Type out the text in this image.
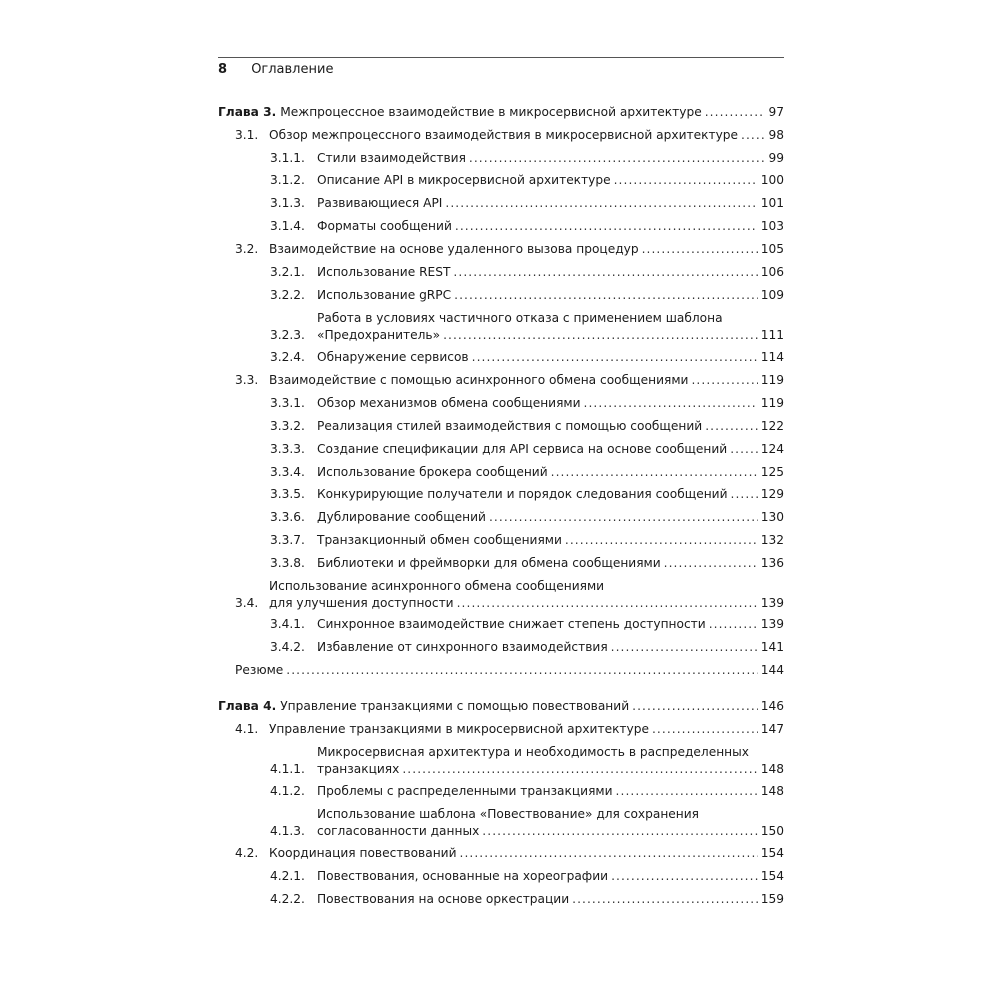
8 Оглавление
Глава 3. Межпроцессное взаимодействие в микросервисной архитектуре . . .	97
3.1. Обзор межпроцессного взаимодействия в микросервисной архитектуре . . . 98
3.1.1. Стили взаимодействия . . .	99
3.1.2. Описание API в микросервисной архитектуре . . .	100
3.1.3. Развивающиеся API . . .	101
3.1.4. Форматы сообщений . . .	103
3.2. Взаимодействие на основе удаленного вызова процедур . . .	105
3.2.1. Использование REST . . .	106
3.2.2. Использование gRPC . . .	109
3.2.3.
Работа в условиях частичного отказа с применением шаблона
«Предохранитель» . . .	111
3.2.4. Обнаружение сервисов . . .	114
3.3. Взаимодействие с помощью асинхронного обмена сообщениями . . .	119
3.3.1. Обзор механизмов обмена сообщениями . . .	119
3.3.2. Реализация стилей взаимодействия с помощью сообщений . . .	122
3.3.3. Создание спецификации для API сервиса на основе сообщений . . .	124
3.3.4. Использование брокера сообщений . . .	125
3.3.5. Конкурирующие получатели и порядок следования сообщений . . .	129
3.3.6. Дублирование сообщений . . .	130
3.3.7. Транзакционный обмен сообщениями . . .	132
3.3.8. Библиотеки и фреймворки для обмена сообщениями . . .	136
3.4.
Использование асинхронного обмена сообщениями
для улучшения доступности . . .	139
3.4.1. Синхронное взаимодействие снижает степень доступности . . .	139
3.4.2. Избавление от синхронного взаимодействия . . .	141
Резюме . . .	144
Глава 4. Управление транзакциями с помощью повествований . . .	146
4.1. Управление транзакциями в микросервисной архитектуре . . .	147
4.1.1.
Микросервисная архитектура и необходимость в распределенных
транзакциях . . .	148
4.1.2. Проблемы с распределенными транзакциями . . .	148
4.1.3.
Использование шаблона «Повествование» для сохранения
согласованности данных . . .	150
4.2. Координация повествований . . .	154
4.2.1. Повествования, основанные на хореографии . . .	154
4.2.2. Повествования на основе оркестрации . . .	159
